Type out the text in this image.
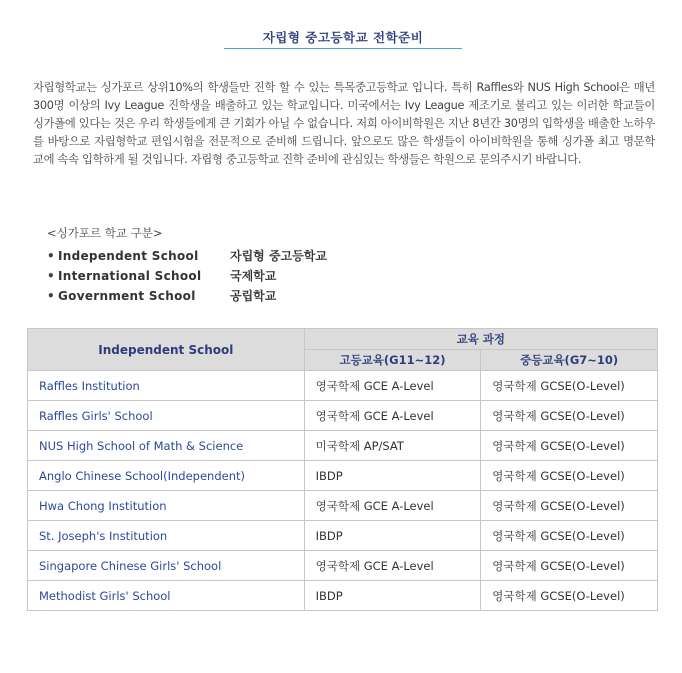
자립형 중고등학교 전학준비

자립형학교는 싱가포르 상위10%의 학생들만 진학 할 수 있는 특목중고등학교 입니다. 특히 Raffles와 NUS High School은 매년 300명 이상의 Ivy League 진학생을 배출하고 있는 학교입니다. 미국에서는 Ivy League 제조기로 불리고 있는 이러한 학교들이 싱가폴에 있다는 것은 우리 학생들에게 큰 기회가 아닐 수 없습니다. 저희 아이비학원은 지난 8년간 30명의 입학생을 배출한 노하우를 바탕으로 자립형학교 편입시험을 전문적으로 준비해 드립니다. 앞으로도 많은 학생들이 아이비학원을 통해 싱가폴 최고 명문학교에 속속 입학하게 될 것입니다. 자립형 중고등학교 진학 준비에 관심있는 학생들은 학원으로 문의주시기 바랍니다.

<싱가포르 학교 구분>
• Independent School	자립형 중고등학교
• International School 국제학교
• Government School	공립학교
Independent School	교육 과정	
	고등교육(G11~12)	중등교육(G7~10)
Raffles Institution	영국학제 GCE A-Level	영국학제 GCSE(O-Level)
Raffles Girls' School	영국학제 GCE A-Level	영국학제 GCSE(O-Level)
NUS High School of Math & Science	미국학제 AP/SAT	영국학제 GCSE(O-Level)
Anglo Chinese School(Independent)	IBDP	영국학제 GCSE(O-Level)
Hwa Chong Institution	영국학제 GCE A-Level	영국학제 GCSE(O-Level)
St. Joseph's Institution	IBDP	영국학제 GCSE(O-Level)
Singapore Chinese Girls' School	영국학제 GCE A-Level	영국학제 GCSE(O-Level)
Methodist Girls' School	IBDP	영국학제 GCSE(O-Level)
